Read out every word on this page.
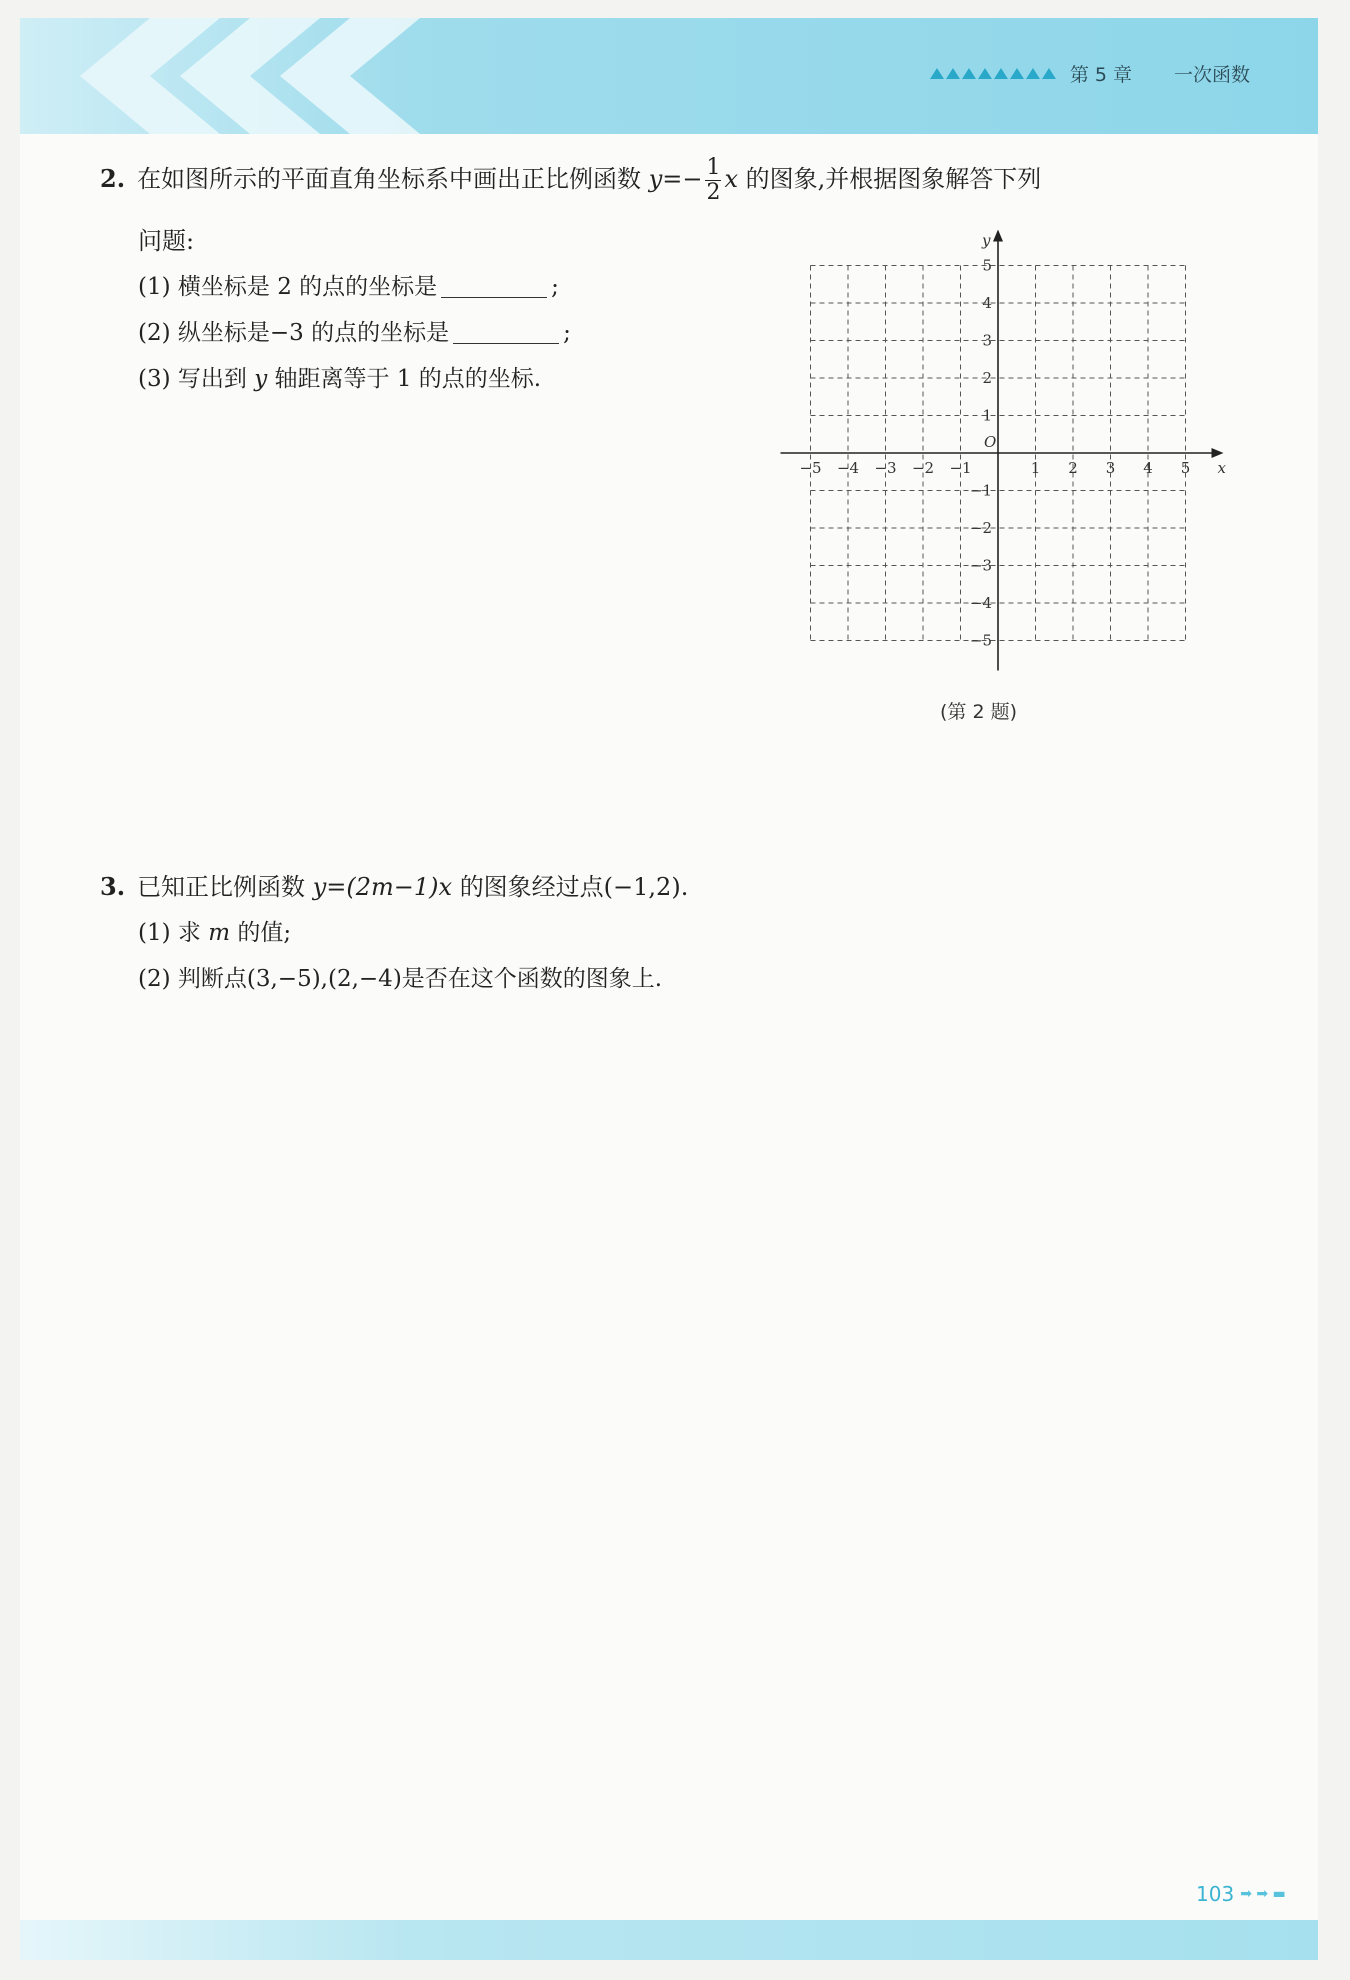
第 5 章 一次函数
2. 在如图所示的平面直角坐标系中画出正比例函数 $y=- \frac{1}{2}$ x 的图象,并根据图象解答下列
问题:
(1) 横坐标是 2 的点的坐标是	;
(2) 纵坐标是−3 的点的坐标是	;
(3) 写出到 y 轴距离等于 1 的点的坐标.
−5 −4 −3 −2 −1	1 2 3 4 5
5
4
3
2
1
−1
−2
−3
−4
−5
O
x
y
(第 2 题)
3. 已知正比例函数 y=(2m−1)x 的图象经过点(−1,2).
(1) 求 m 的值;
(2) 判断点(3,−5),(2,−4)是否在这个函数的图象上.
103 ➡ ➡ ▬
